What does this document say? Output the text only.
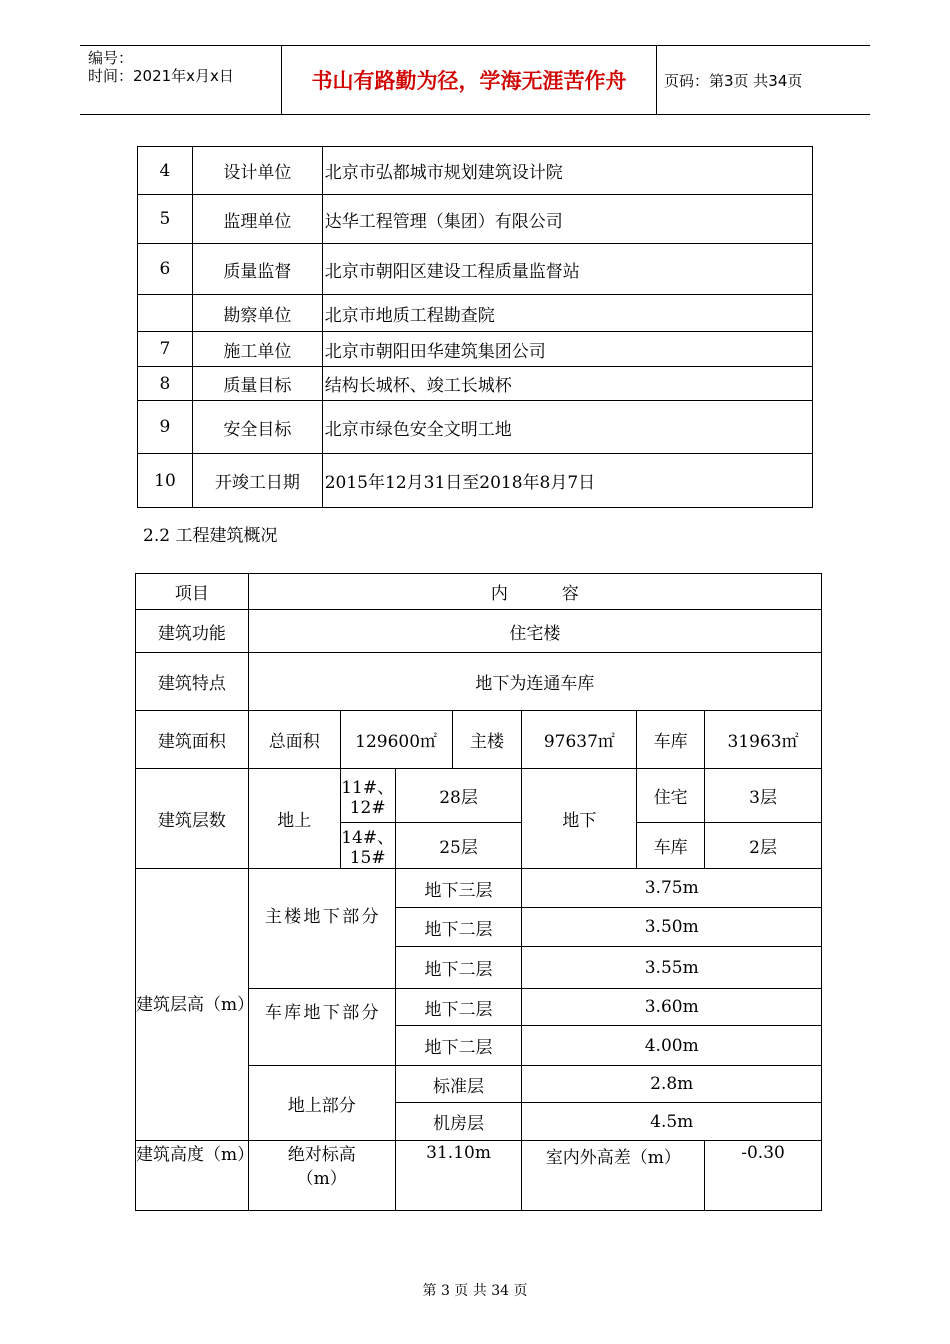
编号：
时间：2021年x月x日	书山有路勤为径，学海无涯苦作舟	页码：第3页 共34页
4	设计单位	北京市弘都城市规划建筑设计院
5	监理单位	达华工程管理（集团）有限公司
6	质量监督	北京市朝阳区建设工程质量监督站
	勘察单位	北京市地质工程勘查院
7	施工单位	北京市朝阳田华建筑集团公司
8	质量目标	结构长城杯、竣工长城杯
9	安全目标	北京市绿色安全文明工地
10	开竣工日期	2015年12月31日至2018年8月7日
2.2 工程建筑概况
项目	内          容						
建筑功能	住宅楼						
建筑特点	地下为连通车库						
建筑面积	总面积	129600㎡		主楼	97637㎡	车库	31963㎡
建筑层数	地上	11#、12#	28层		地下	住宅	3层
		14#、15#	25层			车库	2层
建筑层高（m）	主楼地下部分		地下三层		3.75m		
			地下二层		3.50m		
			地下二层		3.55m		

	车库地下部分		地下二层		3.60m		
			地下二层		4.00m		
	地上部分		标准层		2.8m		
			机房层		4.5m		
建筑高度（m）	绝对标高（m）		31.10m		室内外高差（m）		-0.30
第 3 页 共 34 页
